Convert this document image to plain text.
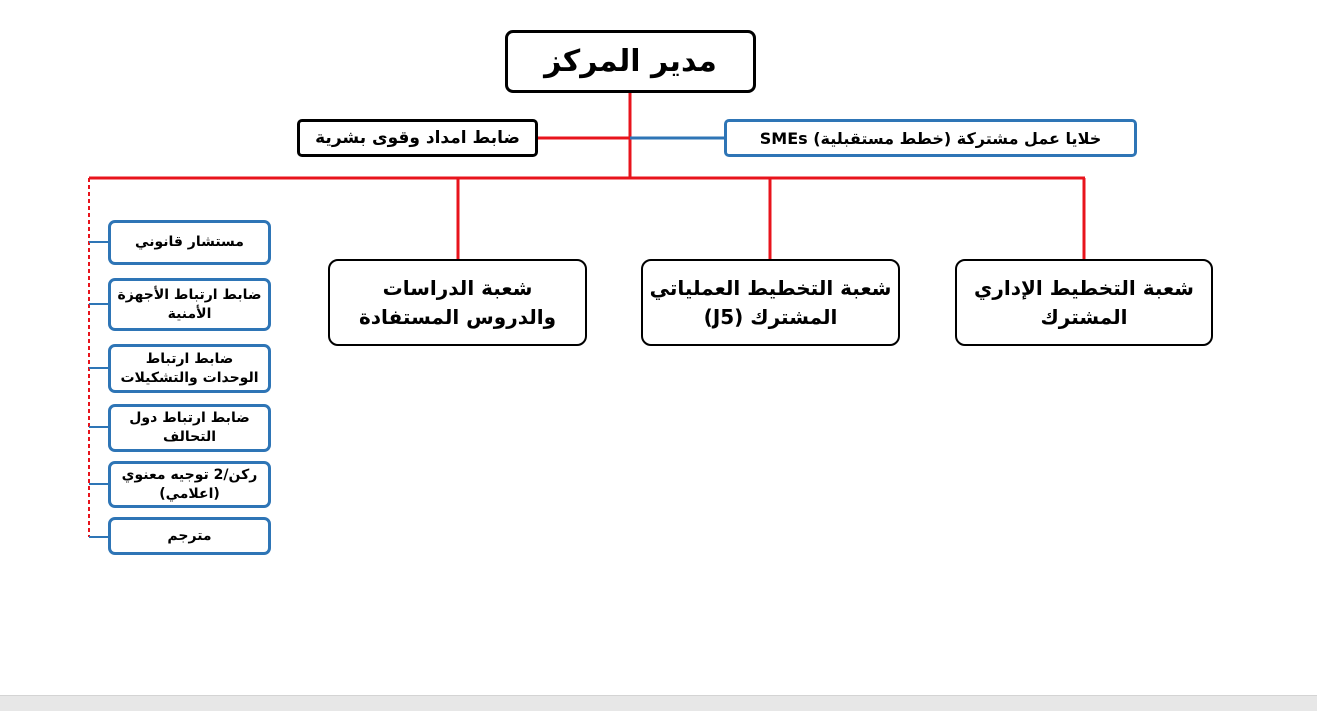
مدير المركز
ضابط امداد وقوى بشرية	خلايا عمل مشتركة (خطط مستقبلية) SMEs
شعبة الدراسات
والدروس المستفادة
شعبة التخطيط العملياتي
المشترك (J5)
شعبة التخطيط الإداري
المشترك
مستشار قانوني
ضابط ارتباط الأجهزة
الأمنية
ضابط ارتباط
الوحدات والتشكيلات
ضابط ارتباط دول
التحالف
ركن/2 توجيه معنوي
(اعلامي)
مترجم
